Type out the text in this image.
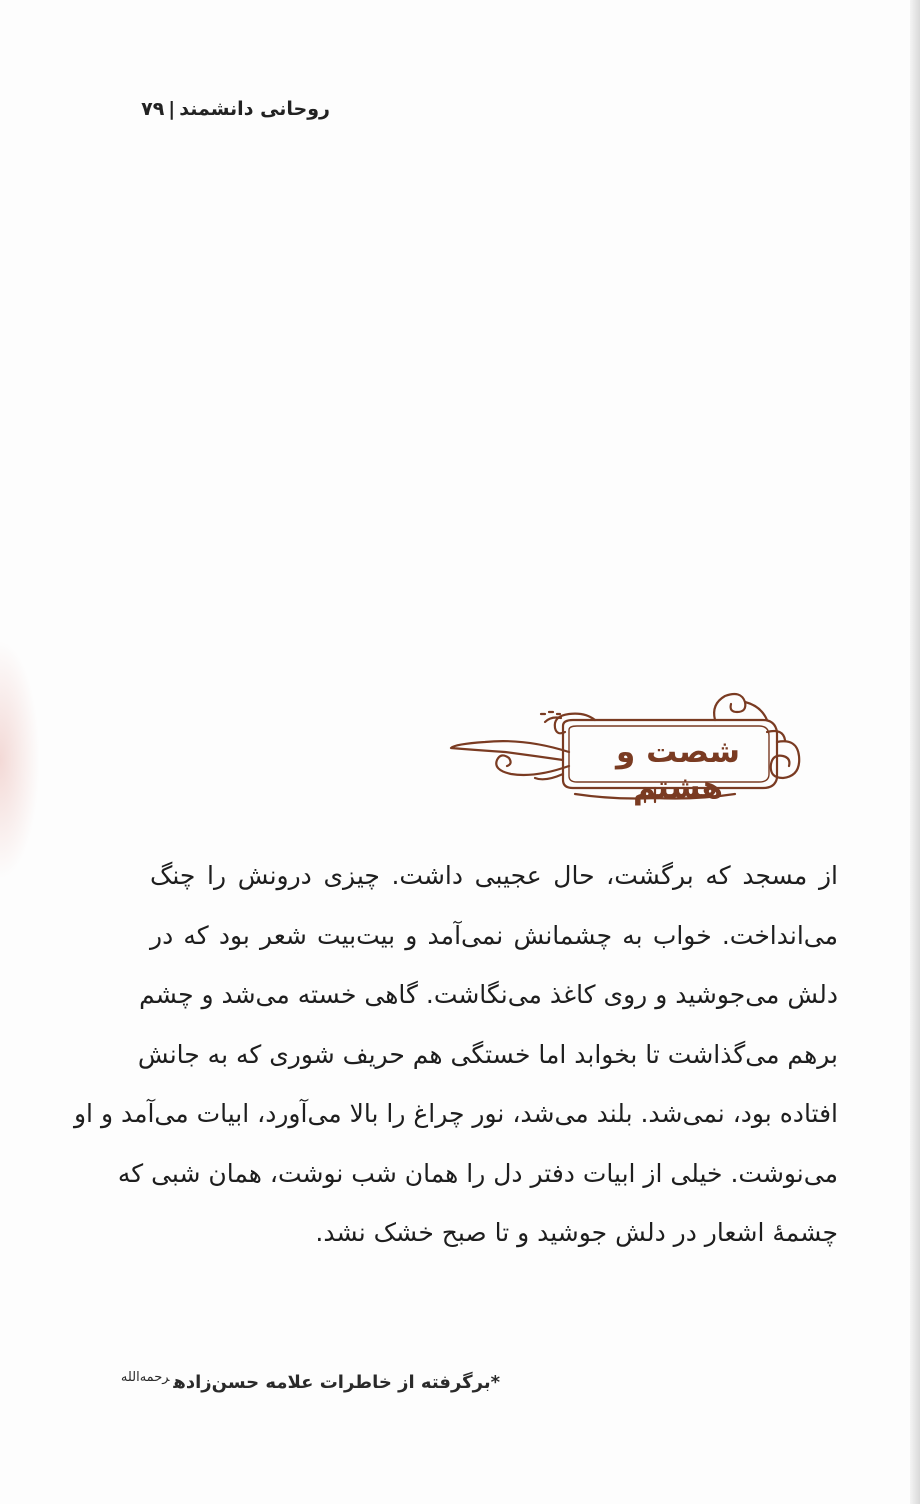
روحانی دانشمند|۷۹
شصت و هشتم
از مسجد که برگشت، حال عجیبی داشت. چیزی درونش را چنگ
می‌انداخت. خواب به چشمانش نمی‌آمد و بیت‌بیت شعر بود که در
دلش می‌جوشید و روی کاغذ می‌نگاشت. گاهی خسته می‌شد و چشم
برهم می‌گذاشت تا بخوابد اما خستگی هم حریف شوری که به جانش
افتاده بود، نمی‌شد. بلند می‌شد، نور چراغ را بالا می‌آورد، ابیات می‌آمد و او
می‌نوشت. خیلی از ابیات دفتر دل را همان شب نوشت، همان شبی که
چشمهٔ اشعار در دلش جوشید و تا صبح خشک نشد.
*برگرفته از خاطرات علامه حسن‌زاده$^{رحمه‌الله}$
